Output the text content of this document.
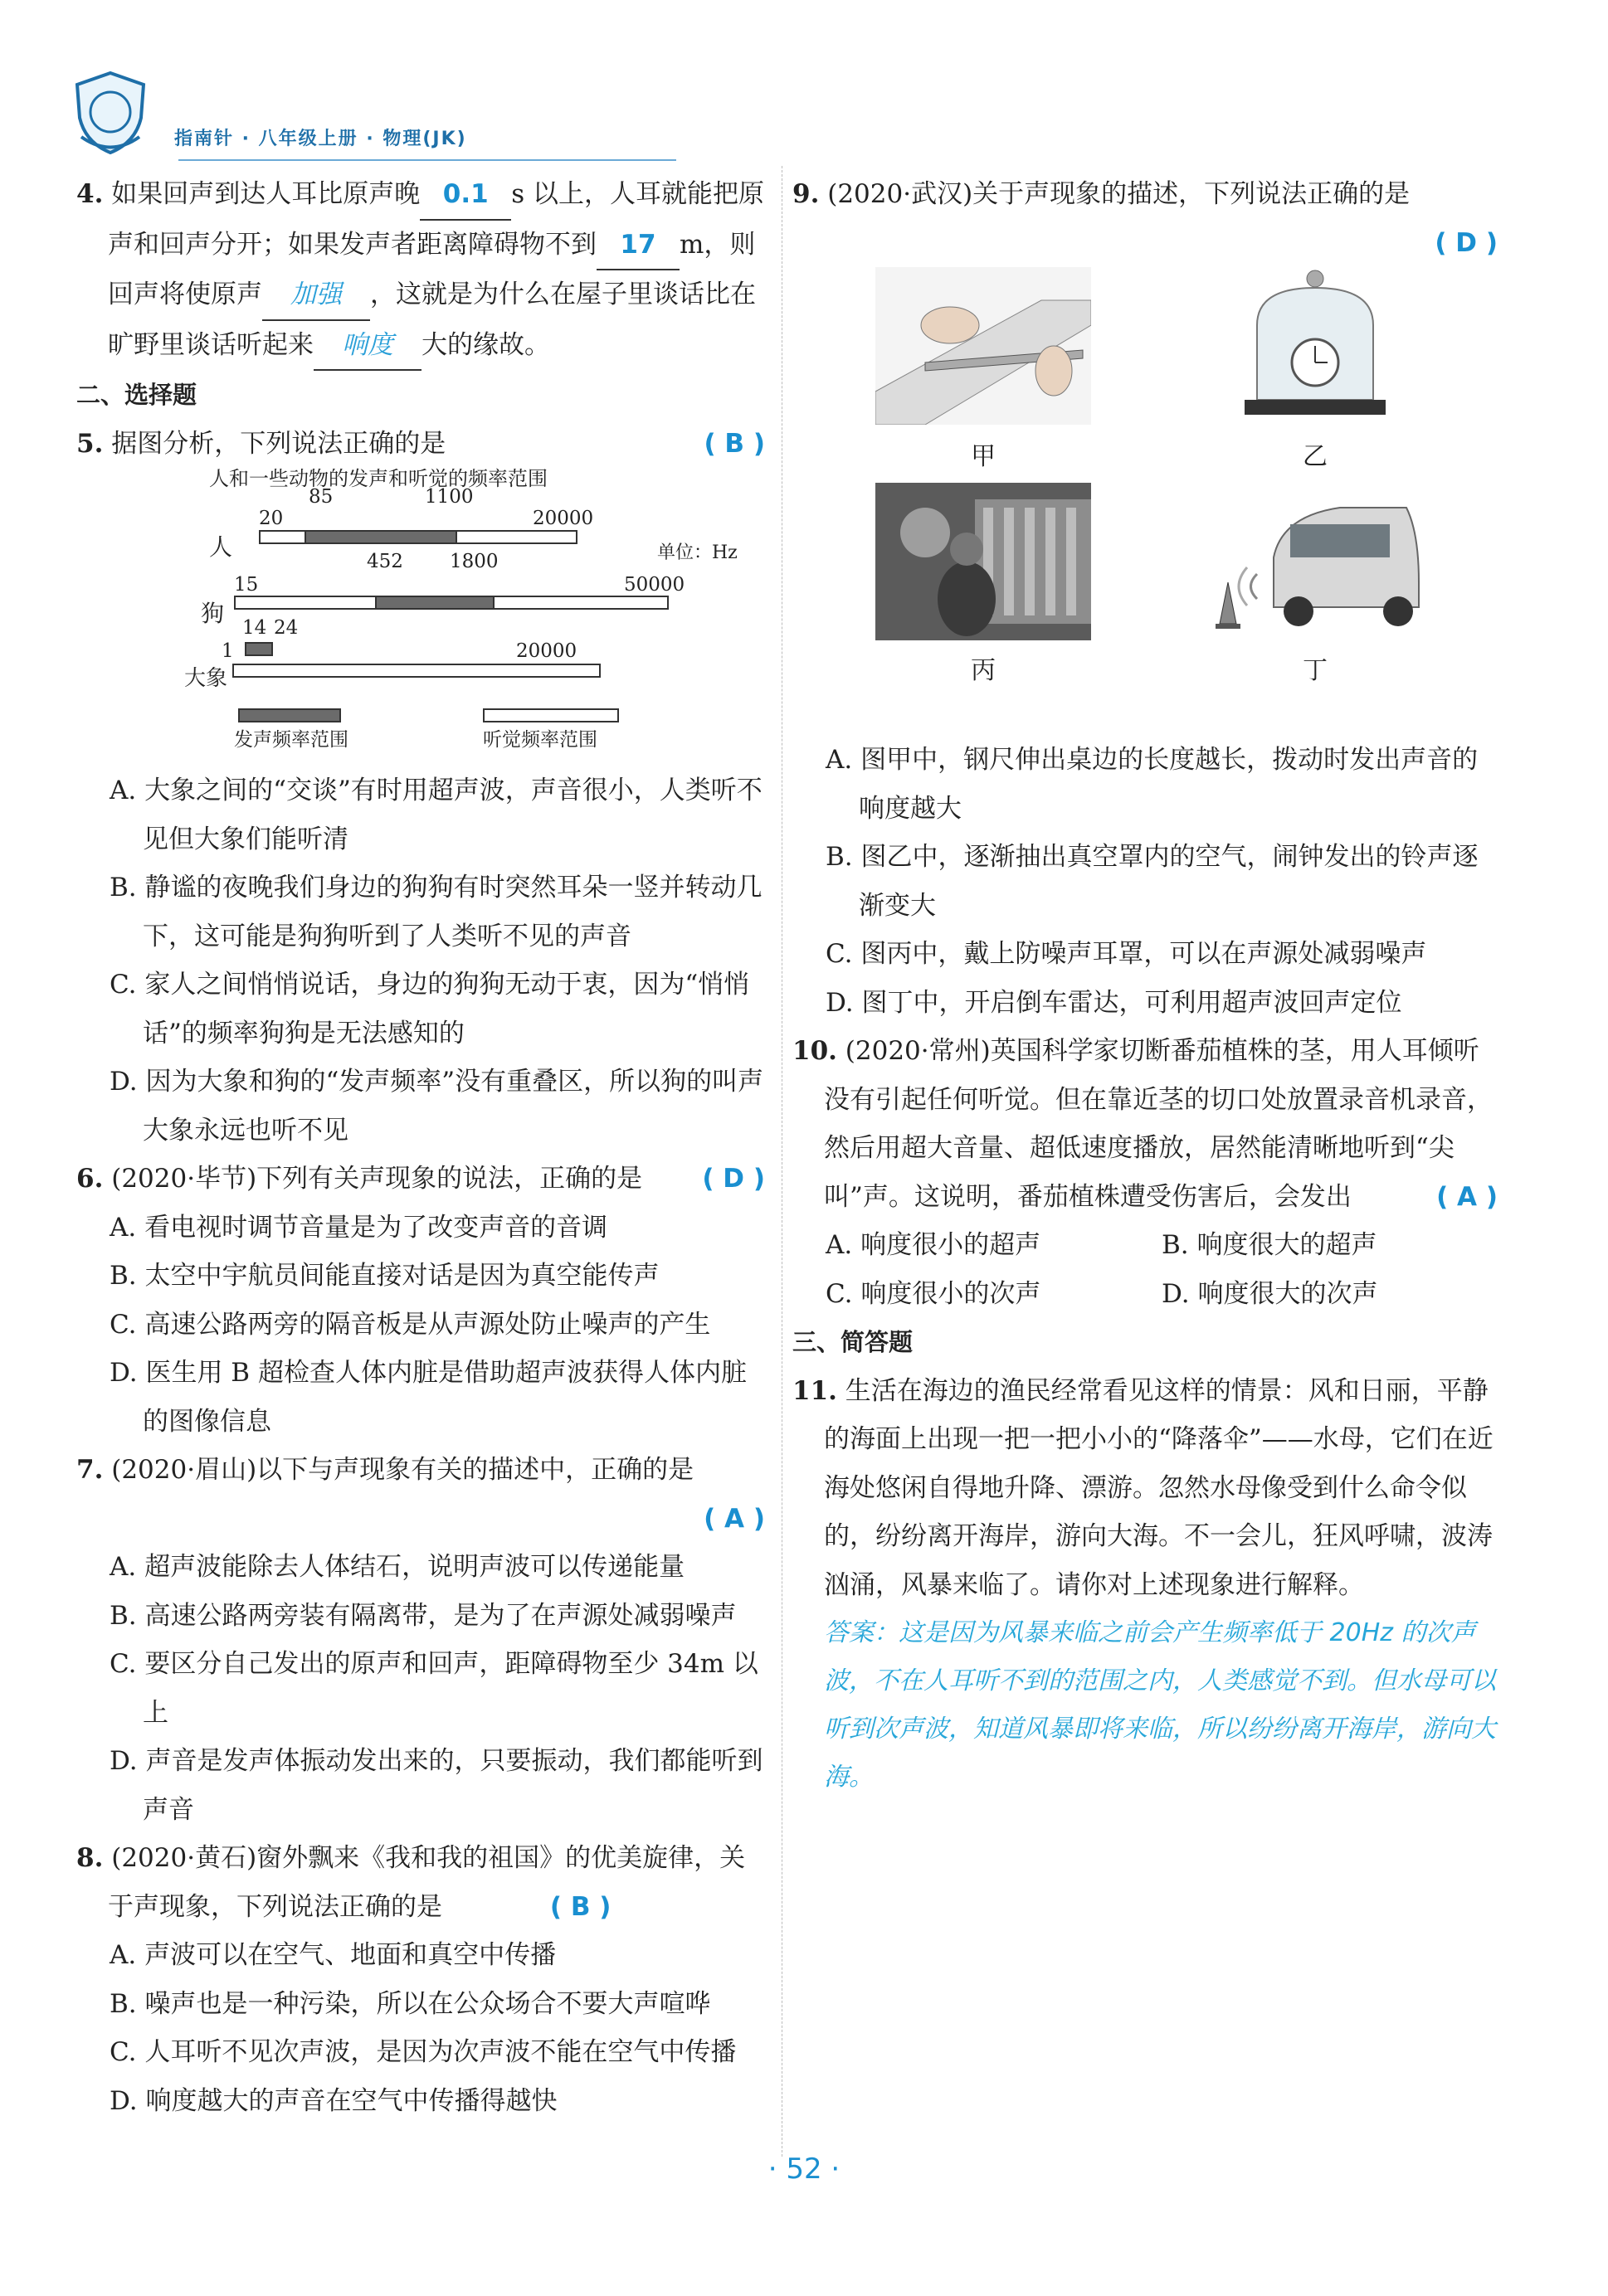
指南针 · 八年级上册 · 物理(JK)
4. 如果回声到达人耳比原声晚 0.1 s 以上，人耳就能把原声和回声分开；如果发声者距离障碍物不到 17 m，则回声将使原声 加强 ，这就是为什么在屋子里谈话比在旷野里谈话听起来 响度 大的缘故。
二、选择题
( B )
5. 据图分析，下列说法正确的是
人和一些动物的发声和听觉的频率范围
单位：Hz
人
20	20000
85	1100
狗
15	50000
452 1800
大象
1	20000
14 24
发声频率范围	听觉频率范围
A. 大象之间的“交谈”有时用超声波，声音很小，人类听不见但大象们能听清
B. 静谧的夜晚我们身边的狗狗有时突然耳朵一竖并转动几下，这可能是狗狗听到了人类听不见的声音
C. 家人之间悄悄说话，身边的狗狗无动于衷，因为“悄悄话”的频率狗狗是无法感知的
D. 因为大象和狗的“发声频率”没有重叠区，所以狗的叫声大象永远也听不见
( D )
6. (2020·毕节)下列有关声现象的说法，正确的是
A. 看电视时调节音量是为了改变声音的音调
B. 太空中宇航员间能直接对话是因为真空能传声
C. 高速公路两旁的隔音板是从声源处防止噪声的产生
D. 医生用 B 超检查人体内脏是借助超声波获得人体内脏的图像信息
7. (2020·眉山)以下与声现象有关的描述中，正确的是
( A )
A. 超声波能除去人体结石，说明声波可以传递能量
B. 高速公路两旁装有隔离带，是为了在声源处减弱噪声
C. 要区分自己发出的原声和回声，距障碍物至少 34m 以上
D. 声音是发声体振动发出来的，只要振动，我们都能听到声音
8. (2020·黄石)窗外飘来《我和我的祖国》的优美旋律，关于声现象，下列说法正确的是	( B )
A. 声波可以在空气、地面和真空中传播
B. 噪声也是一种污染，所以在公众场合不要大声喧哗
C. 人耳听不见次声波，是因为次声波不能在空气中传播
D. 响度越大的声音在空气中传播得越快
9. (2020·武汉)关于声现象的描述，下列说法正确的是
( D )
甲	乙
丙	丁
A. 图甲中，钢尺伸出桌边的长度越长，拨动时发出声音的响度越大
B. 图乙中，逐渐抽出真空罩内的空气，闹钟发出的铃声逐渐变大
C. 图丙中，戴上防噪声耳罩，可以在声源处减弱噪声
D. 图丁中，开启倒车雷达，可利用超声波回声定位
10. (2020·常州)英国科学家切断番茄植株的茎，用人耳倾听没有引起任何听觉。但在靠近茎的切口处放置录音机录音，然后用超大音量、超低速度播放，居然能清晰地听到“尖叫”声。这说明，番茄植株遭受伤害后，会发出	( A )
A. 响度很小的超声	B. 响度很大的超声
C. 响度很小的次声	D. 响度很大的次声
三、简答题
11. 生活在海边的渔民经常看见这样的情景：风和日丽，平静的海面上出现一把一把小小的“降落伞”——水母，它们在近海处悠闲自得地升降、漂游。忽然水母像受到什么命令似的，纷纷离开海岸，游向大海。不一会儿，狂风呼啸，波涛汹涌，风暴来临了。请你对上述现象进行解释。
答案：这是因为风暴来临之前会产生频率低于 20Hz 的次声波，不在人耳听不到的范围之内，人类感觉不到。但水母可以听到次声波，知道风暴即将来临，所以纷纷离开海岸，游向大海。
· 52 ·
